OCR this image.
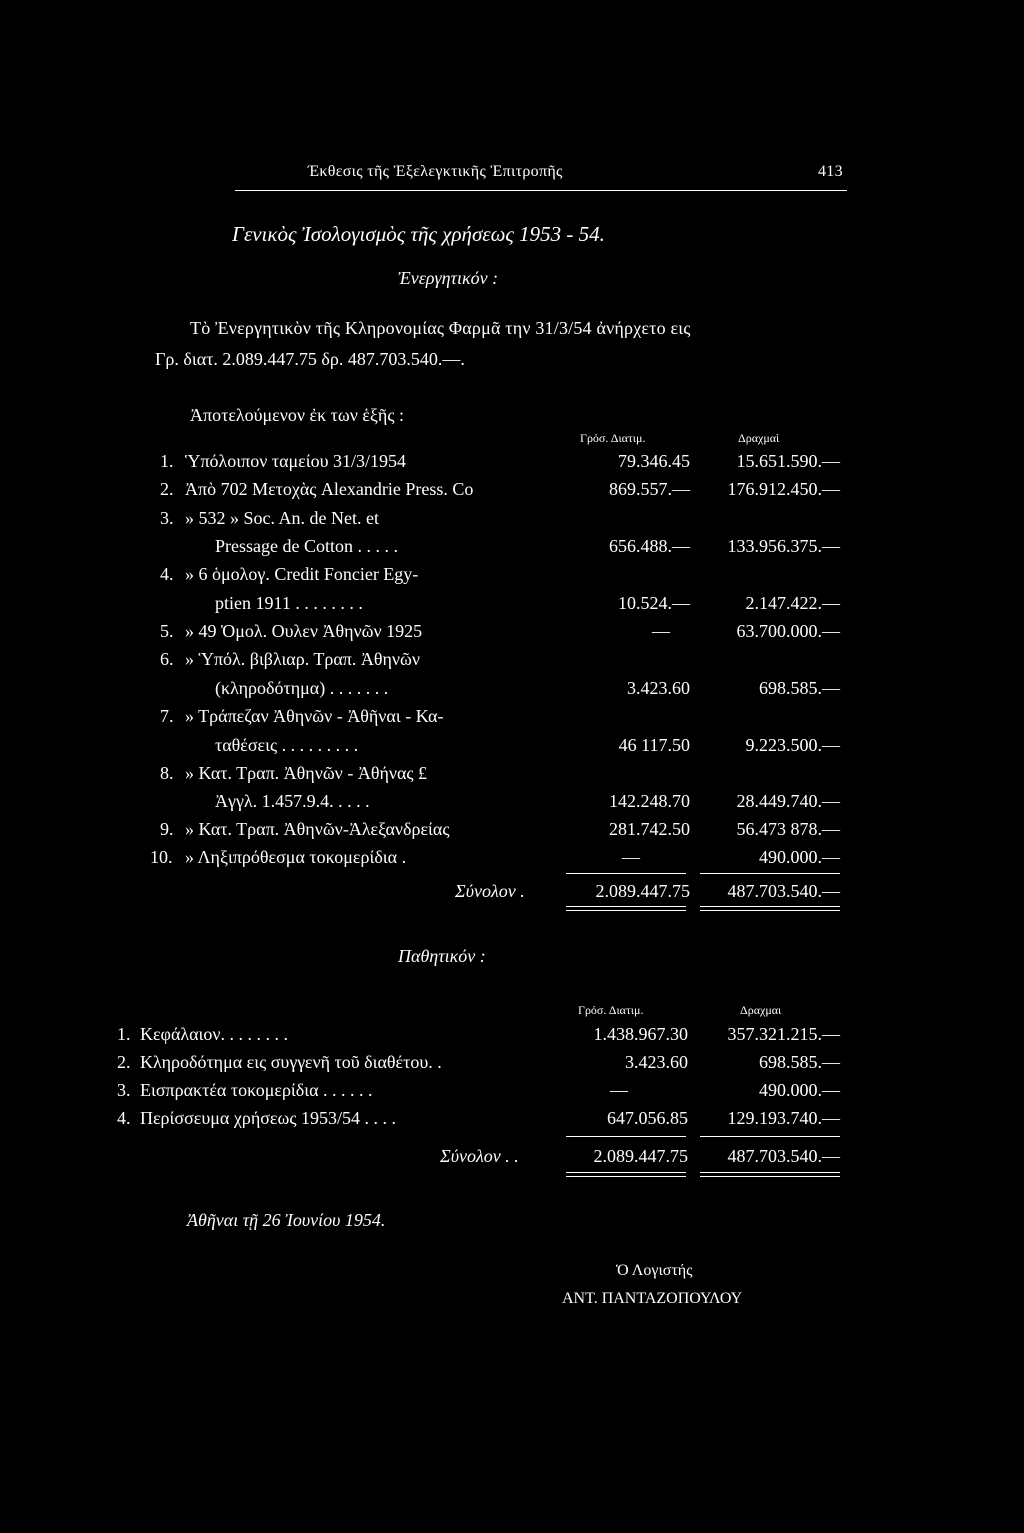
Έκθεσις τῆς Ἐξελεγκτικῆς Ἐπιτροπῆς	413
Γενικὸς Ἰσολογισμὸς τῆς χρήσεως 1953 - 54.
Ἐνεργητικόν :
Τὸ Ἐνεργητικὸν τῆς Κληρονομίας Φαρμᾶ την 31/3/54 ἀνήρχετο εις
Γρ. διατ. 2.089.447.75 δρ. 487.703.540.—.
Ἀποτελούμενον ἐκ των ἑξῆς :
Γρόσ. Διατιμ.	Δραχμαὶ
1. Ὑπόλοιπον ταμείου 31/3/1954	79.346.45	15.651.590.—
2. Ἀπὸ 702 Μετοχὰς Alexandrie Press. Co	869.557.—	176.912.450.—
3. » 532 » Soc. An. de Net. et
Pressage de Cotton . . . . .	656.488.—	133.956.375.—
4. » 6 ὁμολογ. Credit Foncier Egy-
ptien 1911 . . . . . . . .	10.524.—	2.147.422.—
5. » 49 Ὁμολ. Ουλεν Ἀθηνῶν 1925	—	63.700.000.—
6. » Ὑπόλ. βιβλιαρ. Τραπ. Ἀθηνῶν
(κληροδότημα) . . . . . . .	3.423.60	698.585.—
7. » Τράπεζαν Ἀθηνῶν - Ἀθῆναι - Κα-
ταθέσεις . . . . . . . . .	46 117.50	9.223.500.—
8. » Κατ. Τραπ. Ἀθηνῶν - Ἀθήνας £
Ἀγγλ. 1.457.9.4. . . . .	142.248.70	28.449.740.—
9. » Κατ. Τραπ. Ἀθηνῶν-Ἀλεξανδρείας	281.742.50	56.473 878.—
10. » Ληξιπρόθεσμα τοκομερίδια .	—	490.000.—
Σύνολον .	2.089.447.75	487.703.540.—
Παθητικόν :
Γρόσ. Διατιμ.	Δραχμαι
1. Κεφάλαιον. . . . . . . .	1.438.967.30	357.321.215.—
2. Κληροδότημα εις συγγενῆ τοῦ διαθέτου. .	3.423.60	698.585.—
3. Εισπρακτέα τοκομερίδια . . . . . .	—	490.000.—
4. Περίσσευμα χρήσεως 1953/54 . . . .	647.056.85	129.193.740.—
Σύνολον . .	2.089.447.75	487.703.540.—
Ἀθῆναι τῇ 26 Ἰουνίου 1954.
Ὁ Λογιστής
ΑΝΤ. ΠΑΝΤΑΖΟΠΟΥΛΟΥ
